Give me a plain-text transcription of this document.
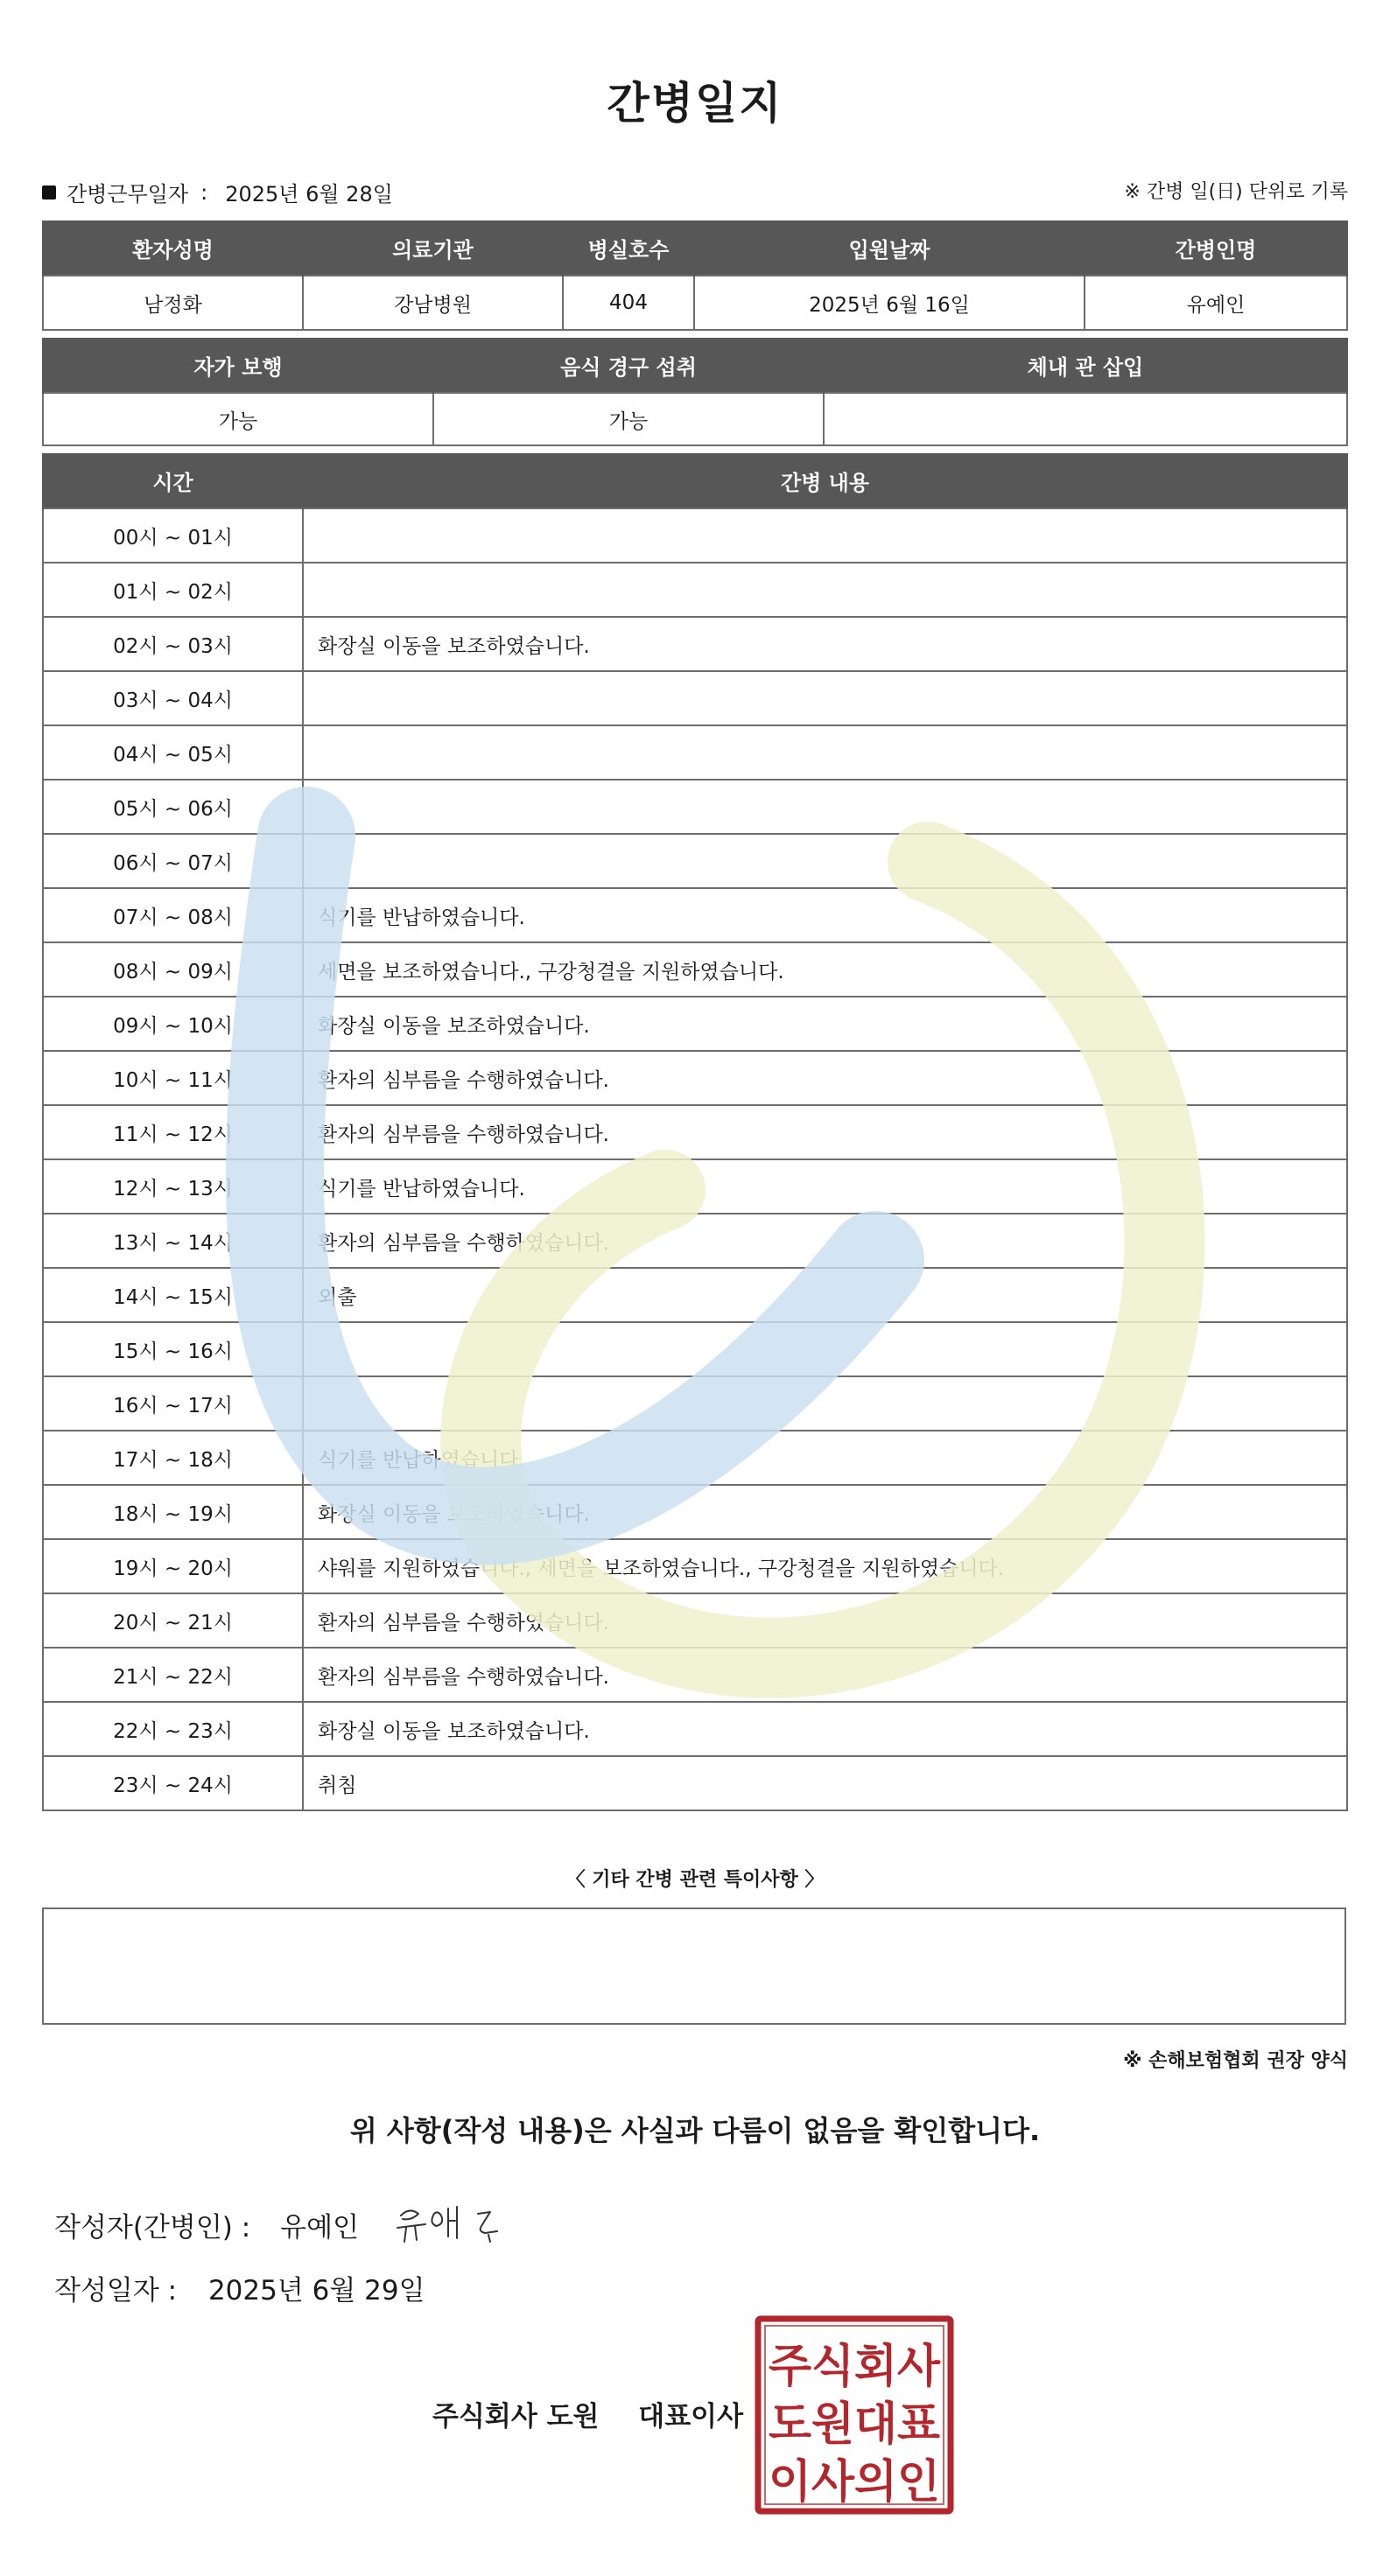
간병일지
간병근무일자 : 2025년 6월 28일	※ 간병 일(日) 단위로 기록
환자성명	의료기관	병실호수	입원날짜	간병인명
남정화	강남병원	404	2025년 6월 16일	유예인
자가 보행	음식 경구 섭취	체내 관 삽입
가능	가능	
시간	간병 내용
00시 ~ 01시	
01시 ~ 02시	
02시 ~ 03시	화장실 이동을 보조하였습니다.
03시 ~ 04시	
04시 ~ 05시	
05시 ~ 06시	
06시 ~ 07시	
07시 ~ 08시	식기를 반납하였습니다.
08시 ~ 09시	세면을 보조하였습니다., 구강청결을 지원하였습니다.
09시 ~ 10시	화장실 이동을 보조하였습니다.
10시 ~ 11시	환자의 심부름을 수행하였습니다.
11시 ~ 12시	환자의 심부름을 수행하였습니다.
12시 ~ 13시	식기를 반납하였습니다.
13시 ~ 14시	환자의 심부름을 수행하였습니다.
14시 ~ 15시	외출
15시 ~ 16시	
16시 ~ 17시	
17시 ~ 18시	식기를 반납하였습니다.
18시 ~ 19시	화장실 이동을 보조하였습니다.
19시 ~ 20시	샤워를 지원하였습니다., 세면을 보조하였습니다., 구강청결을 지원하였습니다.
20시 ~ 21시	환자의 심부름을 수행하였습니다.
21시 ~ 22시	환자의 심부름을 수행하였습니다.
22시 ~ 23시	화장실 이동을 보조하였습니다.
23시 ~ 24시	취침
〈 기타 간병 관련 특이사항 〉
※ 손해보험협회 권장 양식
위 사항(작성 내용)은 사실과 다름이 없음을 확인합니다.
작성자(간병인) : 유예인
작성일자 : 2025년 6월 29일
주식회사 도원 대표이사
주식회사
도원대표
이사의인
